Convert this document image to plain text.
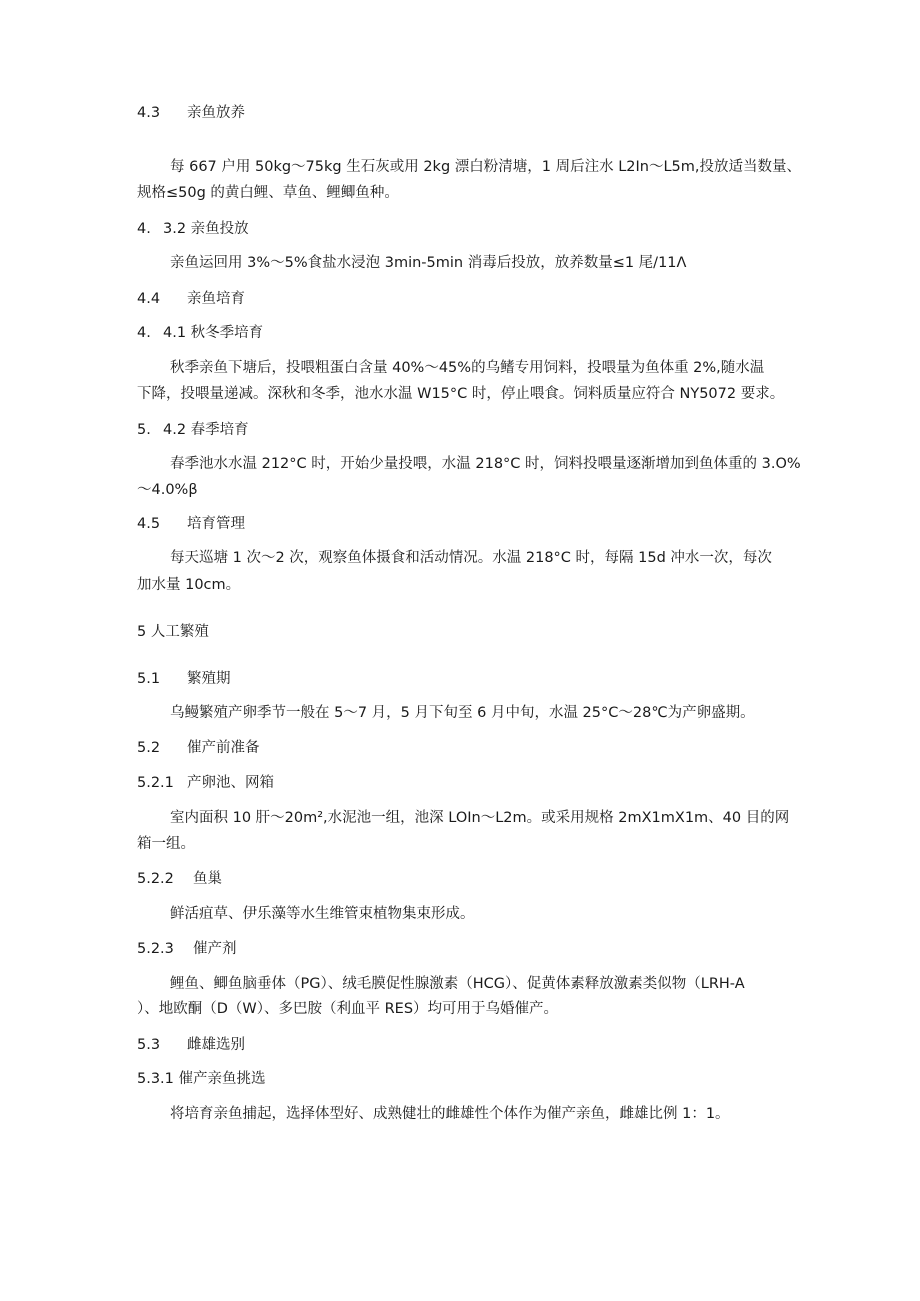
4.3 亲鱼放养
每 667 户用 50kg～75kg 生石灰或用 2kg 漂白粉清塘，1 周后注水 L2In～L5m,投放适当数量、
规格≤50g 的黄白鲤、草鱼、鲤鲫鱼种。
4. 3.2 亲鱼投放
亲鱼运回用 3%～5%食盐水浸泡 3min-5min 消毒后投放，放养数量≤1 尾/11Λ
4.4 亲鱼培育
4. 4.1 秋冬季培育
秋季亲鱼下塘后，投喂粗蛋白含量 40%～45%的乌鳍专用饲料，投喂量为鱼体重 2%,随水温
下降，投喂量递减。深秋和冬季，池水水温 W15°C 时，停止喂食。饲料质量应符合 NY5072 要求。
5. 4.2 春季培育
春季池水水温 212°C 时，开始少量投喂，水温 218°C 时，饲料投喂量逐渐增加到鱼体重的 3.O%
～4.0%β
4.5 培育管理
每天巡塘 1 次～2 次，观察鱼体摄食和活动情况。水温 218°C 时，每隔 15d 冲水一次，每次
加水量 10cm。
5 人工繁殖
5.1 繁殖期
乌鳗繁殖产卵季节一般在 5～7 月，5 月下旬至 6 月中旬，水温 25°C～28℃为产卵盛期。
5.2 催产前准备
5.2.1 产卵池、网箱
室内面积 10 肝～20m²,水泥池一组，池深 LOIn～L2m。或采用规格 2mX1mX1m、40 目的网
箱一组。
5.2.2 鱼巢
鲜活疽草、伊乐藻等水生维管束植物集束形成。
5.2.3 催产剂
鲤鱼、鲫鱼脑垂体（PG）、绒毛膜促性腺激素（HCG）、促黄体素释放激素类似物（LRH-A
）、地欧酮（D（W）、多巴胺（利血平 RES）均可用于乌婚催产。
5.3 雌雄选别
5.3.1 催产亲鱼挑选
将培育亲鱼捕起，选择体型好、成熟健壮的雌雄性个体作为催产亲鱼，雌雄比例 1：1。
